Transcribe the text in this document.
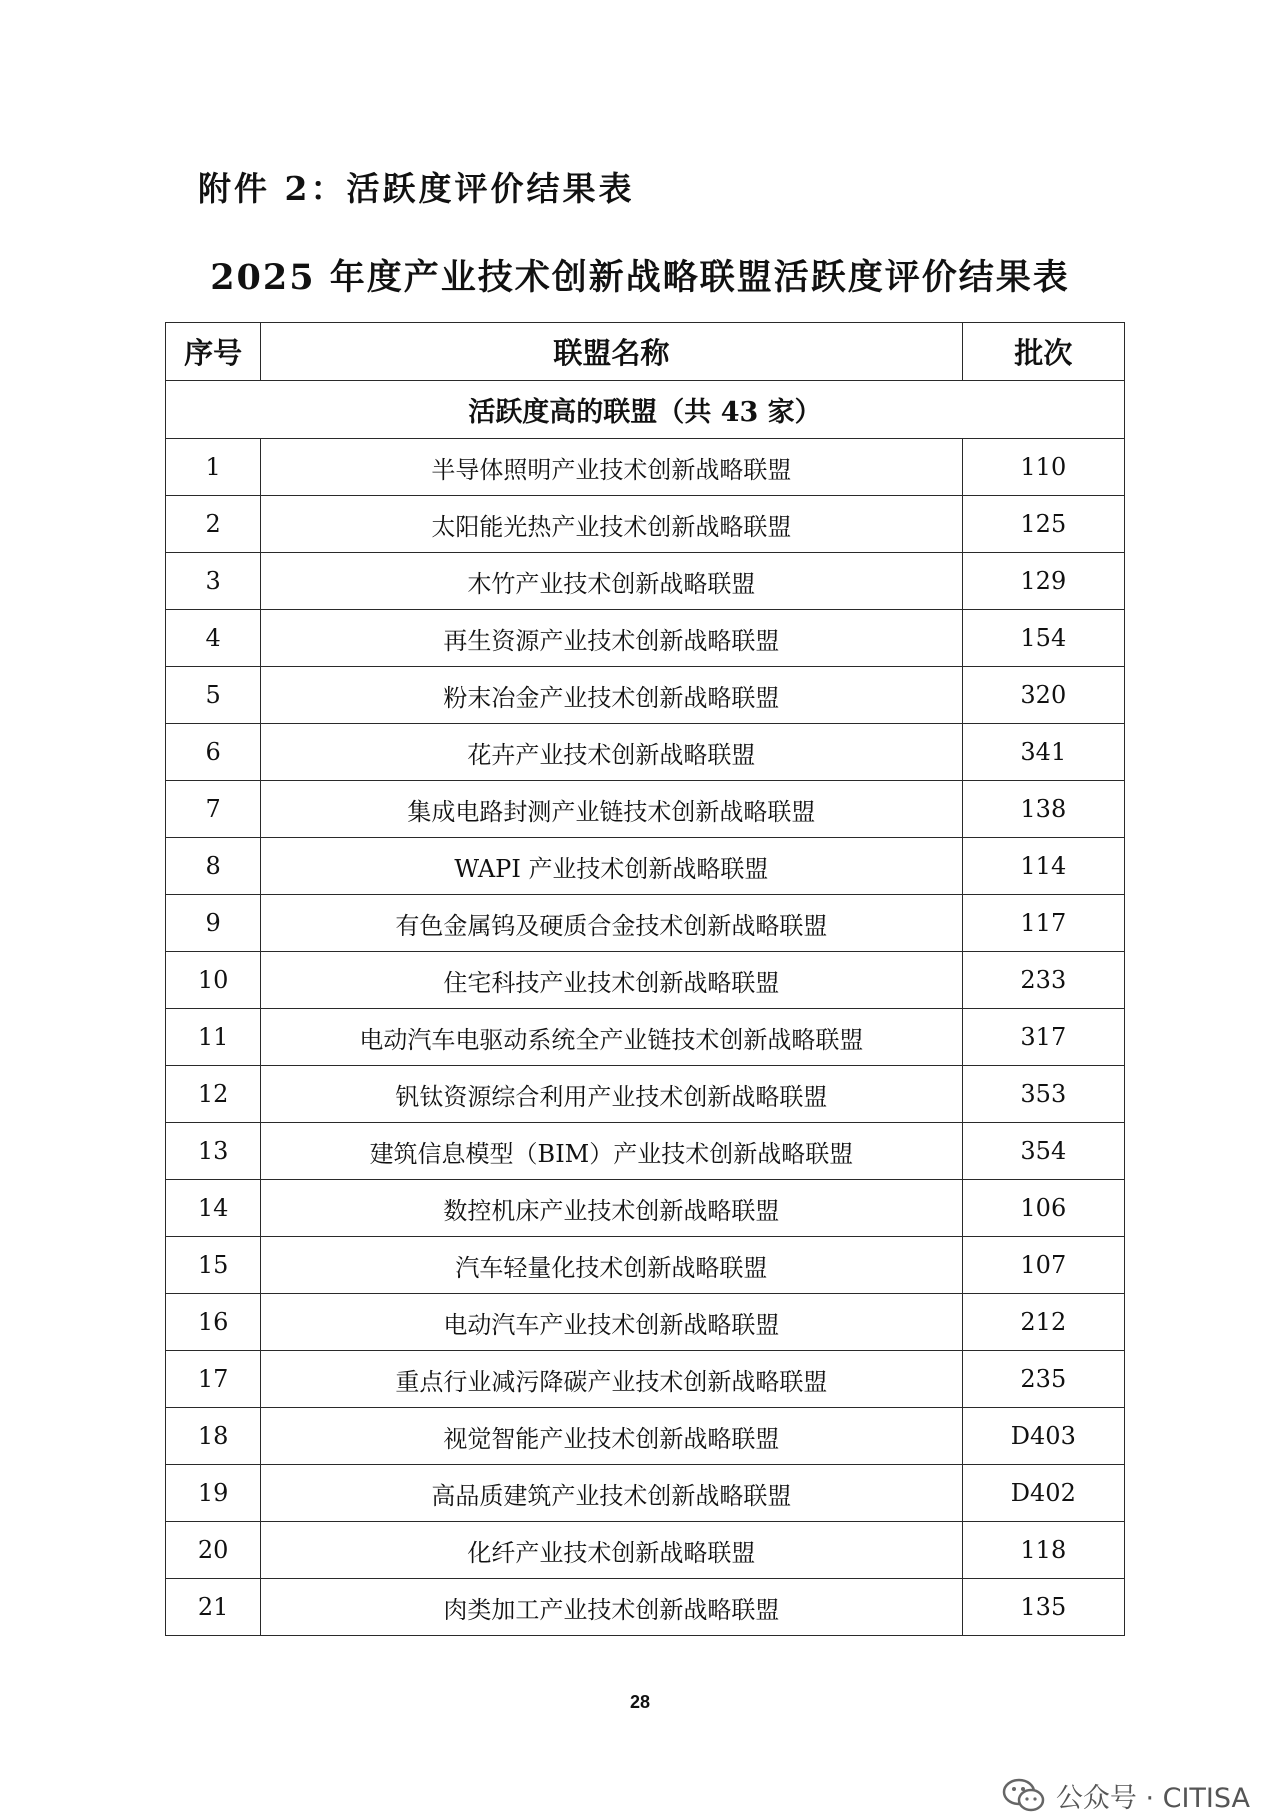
附件 2：活跃度评价结果表
2025 年度产业技术创新战略联盟活跃度评价结果表
序号	联盟名称	批次
活跃度高的联盟（共 43 家）		
1	半导体照明产业技术创新战略联盟	110
2	太阳能光热产业技术创新战略联盟	125
3	木竹产业技术创新战略联盟	129
4	再生资源产业技术创新战略联盟	154
5	粉末冶金产业技术创新战略联盟	320
6	花卉产业技术创新战略联盟	341
7	集成电路封测产业链技术创新战略联盟	138
8	WAPI 产业技术创新战略联盟	114
9	有色金属钨及硬质合金技术创新战略联盟	117
10	住宅科技产业技术创新战略联盟	233
11	电动汽车电驱动系统全产业链技术创新战略联盟	317
12	钒钛资源综合利用产业技术创新战略联盟	353
13	建筑信息模型（BIM）产业技术创新战略联盟	354
14	数控机床产业技术创新战略联盟	106
15	汽车轻量化技术创新战略联盟	107
16	电动汽车产业技术创新战略联盟	212
17	重点行业减污降碳产业技术创新战略联盟	235
18	视觉智能产业技术创新战略联盟	D403
19	高品质建筑产业技术创新战略联盟	D402
20	化纤产业技术创新战略联盟	118
21	肉类加工产业技术创新战略联盟	135
28
公众号 · CITISA
